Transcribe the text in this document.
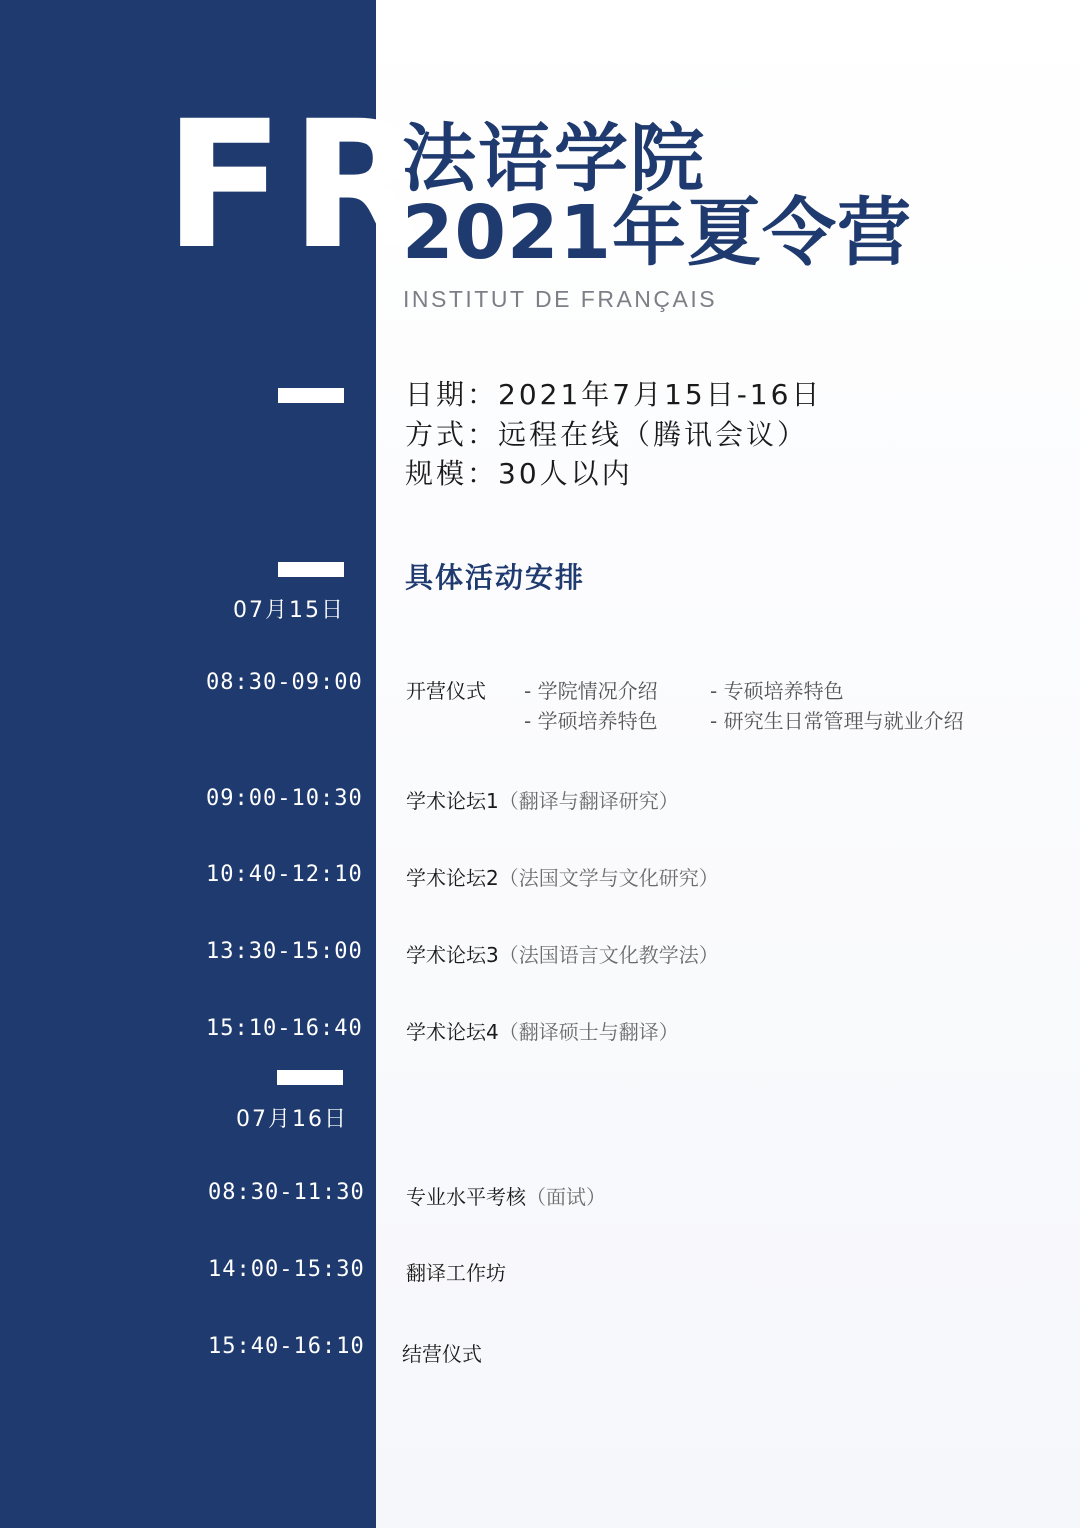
FR
法语学院
2021年夏令营
INSTITUT DE FRANÇAIS
日期：2021年7月15日-16日
方式：远程在线（腾讯会议）
规模：30人以内
具体活动安排
07月15日
08:30-09:00 开营仪式 - 学院情况介绍	- 专硕培养特色
- 学硕培养特色	- 研究生日常管理与就业介绍
09:00-10:30 学术论坛1（翻译与翻译研究）
10:40-12:10 学术论坛2（法国文学与文化研究）
13:30-15:00 学术论坛3（法国语言文化教学法）
15:10-16:40 学术论坛4（翻译硕士与翻译）
07月16日
08:30-11:30 专业水平考核（面试）
14:00-15:30 翻译工作坊
15:40-16:10 结营仪式
